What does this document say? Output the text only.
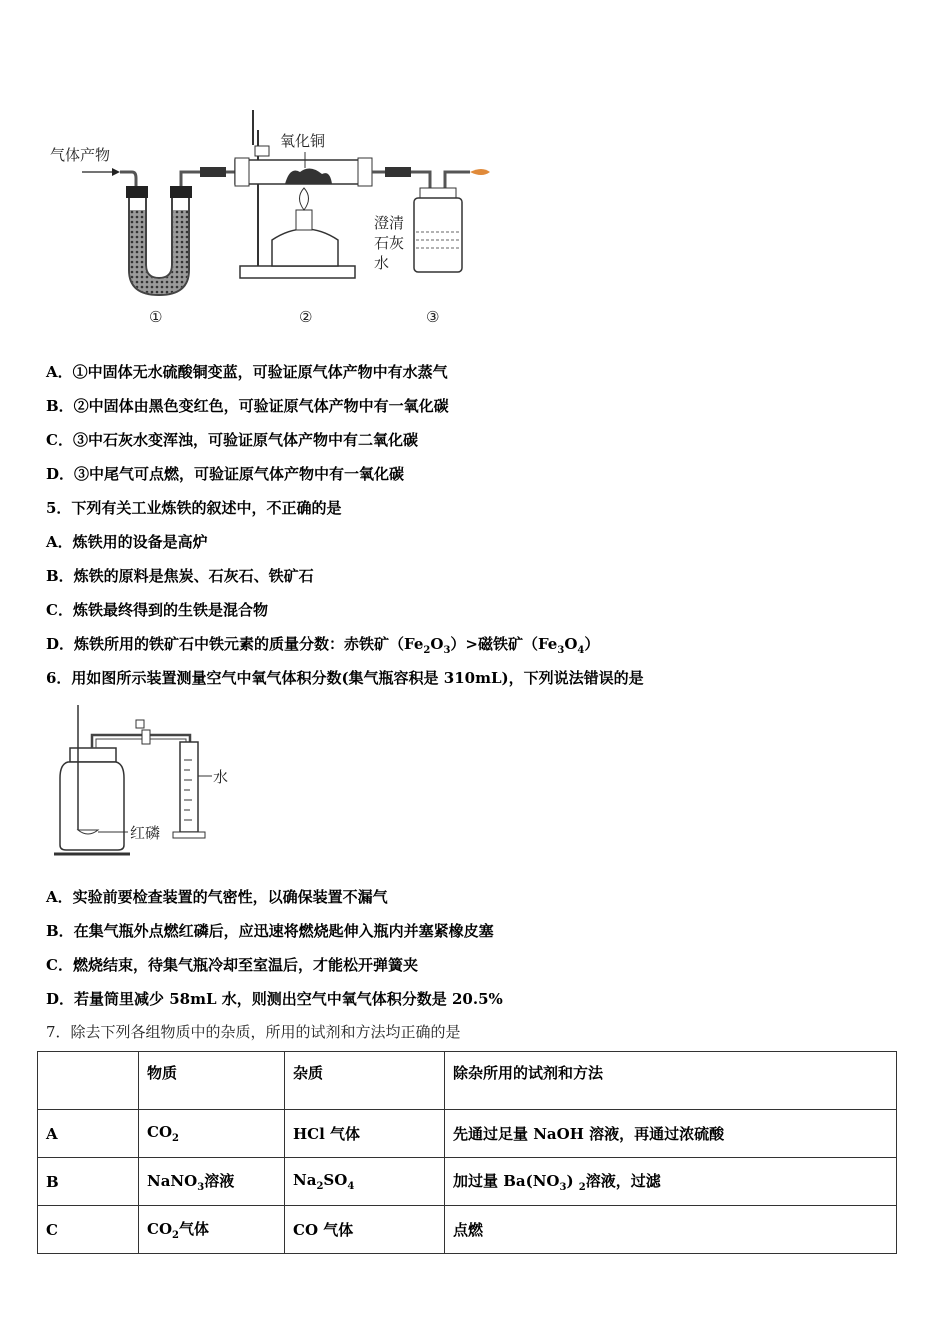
气体产物
氧化铜
澄清
石灰
水
①	②	③
A．①中固体无水硫酸铜变蓝，可验证原气体产物中有水蒸气
B．②中固体由黑色变红色，可验证原气体产物中有一氧化碳
C．③中石灰水变浑浊，可验证原气体产物中有二氧化碳
D．③中尾气可点燃，可验证原气体产物中有一氧化碳
5．下列有关工业炼铁的叙述中，不正确的是
A．炼铁用的设备是高炉
B．炼铁的原料是焦炭、石灰石、铁矿石
C．炼铁最终得到的生铁是混合物
D．炼铁所用的铁矿石中铁元素的质量分数：赤铁矿$(Fe_2O_3)>$磁铁矿$(Fe_3O_4)$
6．用如图所示装置测量空气中氧气体积分数(集气瓶容积是 310mL)，下列说法错误的是
红磷
水
A．实验前要检查装置的气密性，以确保装置不漏气
B．在集气瓶外点燃红磷后，应迅速将燃烧匙伸入瓶内并塞紧橡皮塞
C．燃烧结束，待集气瓶冷却至室温后，才能松开弹簧夹
D．若量筒里减少 58mL 水，则测出空气中氧气体积分数是 20.5%
7．除去下列各组物质中的杂质，所用的试剂和方法均正确的是
	物质	杂质	除杂所用的试剂和方法
A	$CO_2$	HCl 气体	先通过足量 NaOH 溶液，再通过浓硫酸
B	NaNO$_3$溶液	$Na_2SO_4$	加过量 $Ba(NO_3)$ $_2$溶液，过滤
C	$CO_2$气体	CO 气体	点燃
